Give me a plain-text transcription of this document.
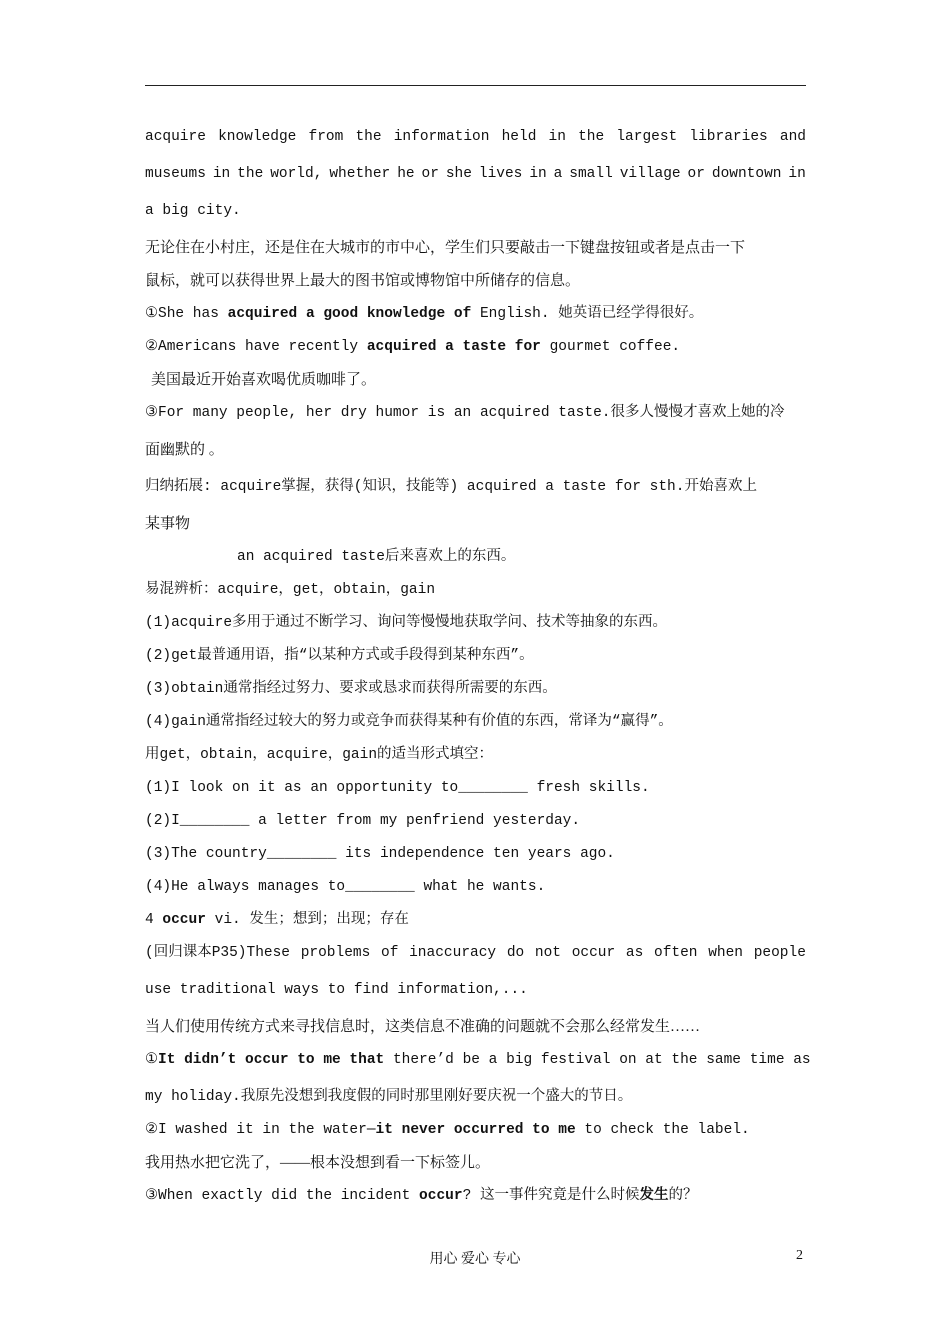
acquire knowledge from the information held in the largest libraries and
museums in the world, whether he or she lives in a small village or downtown in
a big city.
无论住在小村庄，还是住在大城市的市中心，学生们只要敲击一下键盘按钮或者是点击一下
鼠标，就可以获得世界上最大的图书馆或博物馆中所储存的信息。
①She has acquired a good knowledge of English. 她英语已经学得很好。
②Americans have recently acquired a taste for gourmet coffee.
美国最近开始喜欢喝优质咖啡了。
③For many people, her dry humor is an acquired taste.很多人慢慢才喜欢上她的冷
面幽默的 。
归纳拓展: acquire掌握，获得(知识，技能等) acquired a taste for sth.开始喜欢上
某事物
an acquired taste后来喜欢上的东西。
易混辨析：acquire，get，obtain，gain
(1)acquire多用于通过不断学习、询问等慢慢地获取学问、技术等抽象的东西。
(2)get最普通用语，指“以某种方式或手段得到某种东西”。
(3)obtain通常指经过努力、要求或恳求而获得所需要的东西。
(4)gain通常指经过较大的努力或竞争而获得某种有价值的东西，常译为“赢得”。
用get，obtain，acquire，gain的适当形式填空：
(1)I look on it as an opportunity to________ fresh skills.
(2)I________ a letter from my penfriend yesterday.
(3)The country________ its independence ten years ago.
(4)He always manages to________ what he wants.
4 occur vi. 发生；想到；出现；存在
(回归课本P35)These problems of inaccuracy do not occur as often when people
use traditional ways to find information,...
当人们使用传统方式来寻找信息时，这类信息不准确的问题就不会那么经常发生……
①It didn’t occur to me that there’d be a big festival on at the same time as
my holiday.我原先没想到我度假的同时那里刚好要庆祝一个盛大的节日。
②I washed it in the water—it never occurred to me to check the label.
我用热水把它洗了，——根本没想到看一下标签儿。
③When exactly did the incident occur? 这一事件究竟是什么时候发生的？
用心 爱心 专心	2
